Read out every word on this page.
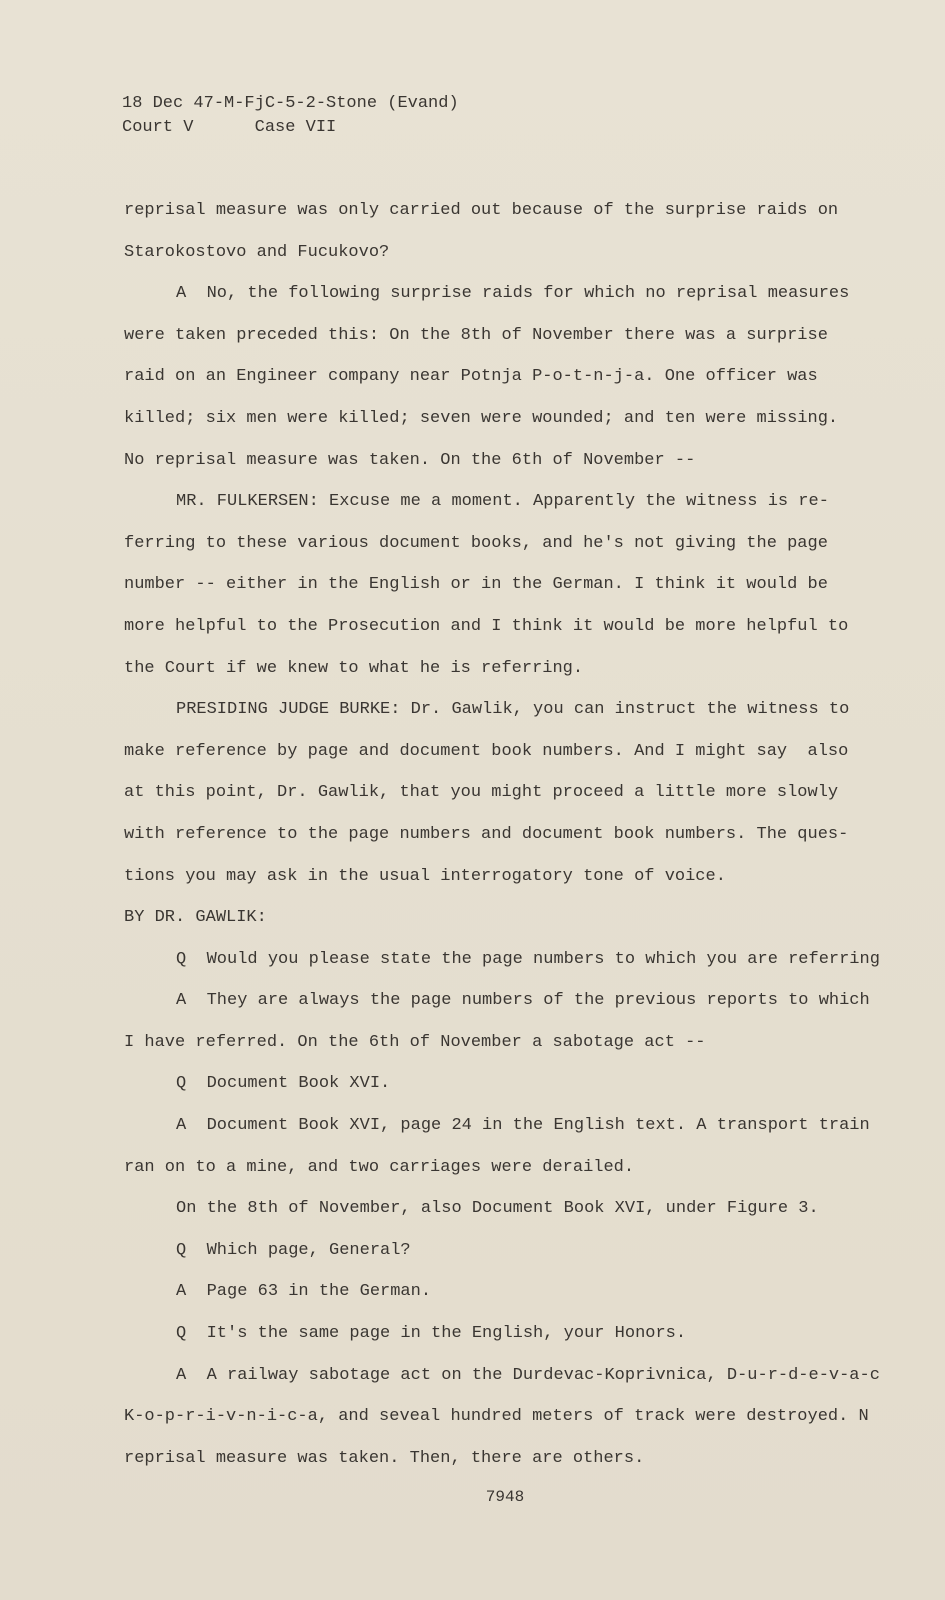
18 Dec 47-M-FjC-5-2-Stone (Evand)
Court V      Case VII
reprisal measure was only carried out because of the surprise raids on
Starokostovo and Fucukovo?
A  No, the following surprise raids for which no reprisal measures
were taken preceded this: On the 8th of November there was a surprise
raid on an Engineer company near Potnja P-o-t-n-j-a. One officer was
killed; six men were killed; seven were wounded; and ten were missing.
No reprisal measure was taken. On the 6th of November --
MR. FULKERSEN: Excuse me a moment. Apparently the witness is re-
ferring to these various document books, and he's not giving the page
number -- either in the English or in the German. I think it would be
more helpful to the Prosecution and I think it would be more helpful to
the Court if we knew to what he is referring.
PRESIDING JUDGE BURKE: Dr. Gawlik, you can instruct the witness to
make reference by page and document book numbers. And I might say  also
at this point, Dr. Gawlik, that you might proceed a little more slowly
with reference to the page numbers and document book numbers. The ques-
tions you may ask in the usual interrogatory tone of voice.
BY DR. GAWLIK:
Q  Would you please state the page numbers to which you are referring
A  They are always the page numbers of the previous reports to which
I have referred. On the 6th of November a sabotage act --
Q  Document Book XVI.
A  Document Book XVI, page 24 in the English text. A transport train
ran on to a mine, and two carriages were derailed.
On the 8th of November, also Document Book XVI, under Figure 3.
Q  Which page, General?
A  Page 63 in the German.
Q  It's the same page in the English, your Honors.
A  A railway sabotage act on the Durdevac-Koprivnica, D-u-r-d-e-v-a-c
K-o-p-r-i-v-n-i-c-a, and seveal hundred meters of track were destroyed. N
reprisal measure was taken. Then, there are others.
7948
